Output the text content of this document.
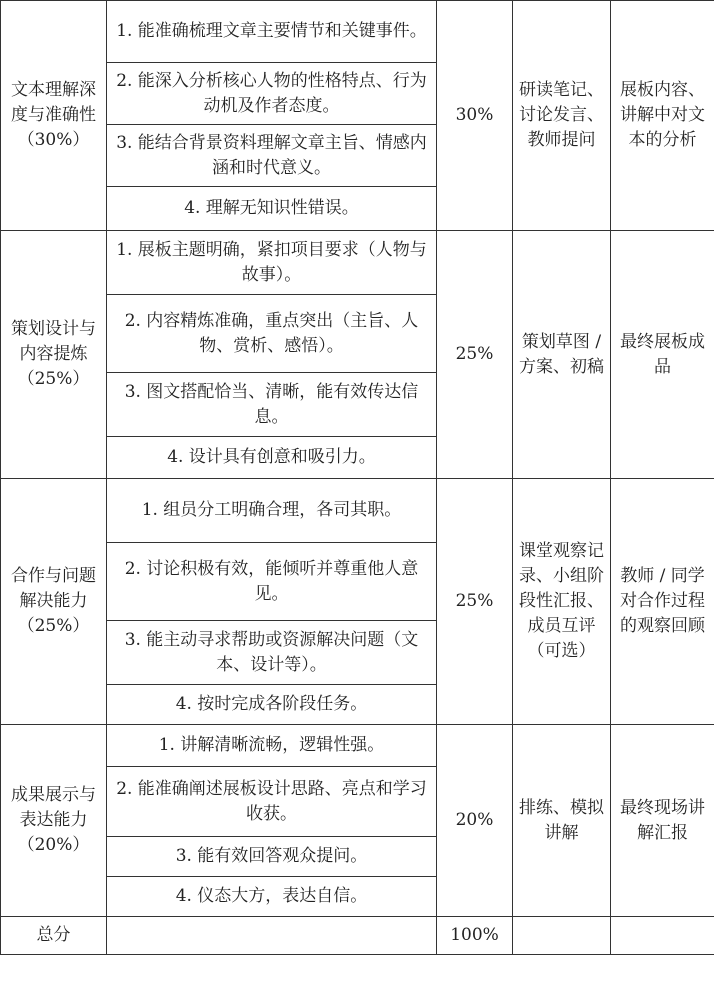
文本理解深度与准确性（30%）	1. 能准确梳理文章主要情节和关键事件。	30%	研读笔记、讨论发言、教师提问	展板内容、讲解中对文本的分析
	2. 能深入分析核心人物的性格特点、行为动机及作者态度。			
	3. 能结合背景资料理解文章主旨、情感内涵和时代意义。			
	4. 理解无知识性错误。			
策划设计与内容提炼（25%）	1. 展板主题明确，紧扣项目要求（人物与故事）。	25%	策划草图 / 方案、初稿	最终展板成品
	2. 内容精炼准确，重点突出（主旨、人物、赏析、感悟）。			
	3. 图文搭配恰当、清晰，能有效传达信息。			
	4. 设计具有创意和吸引力。			
合作与问题解决能力（25%）	1. 组员分工明确合理，各司其职。	25%	课堂观察记录、小组阶段性汇报、成员互评（可选）	教师 / 同学对合作过程的观察回顾
	2. 讨论积极有效，能倾听并尊重他人意见。			
	3. 能主动寻求帮助或资源解决问题（文本、设计等）。			
	4. 按时完成各阶段任务。			
成果展示与表达能力（20%）	1. 讲解清晰流畅，逻辑性强。	20%	排练、模拟讲解	最终现场讲解汇报
	2. 能准确阐述展板设计思路、亮点和学习收获。			
	3. 能有效回答观众提问。			
	4. 仪态大方，表达自信。			
总分		100%		
